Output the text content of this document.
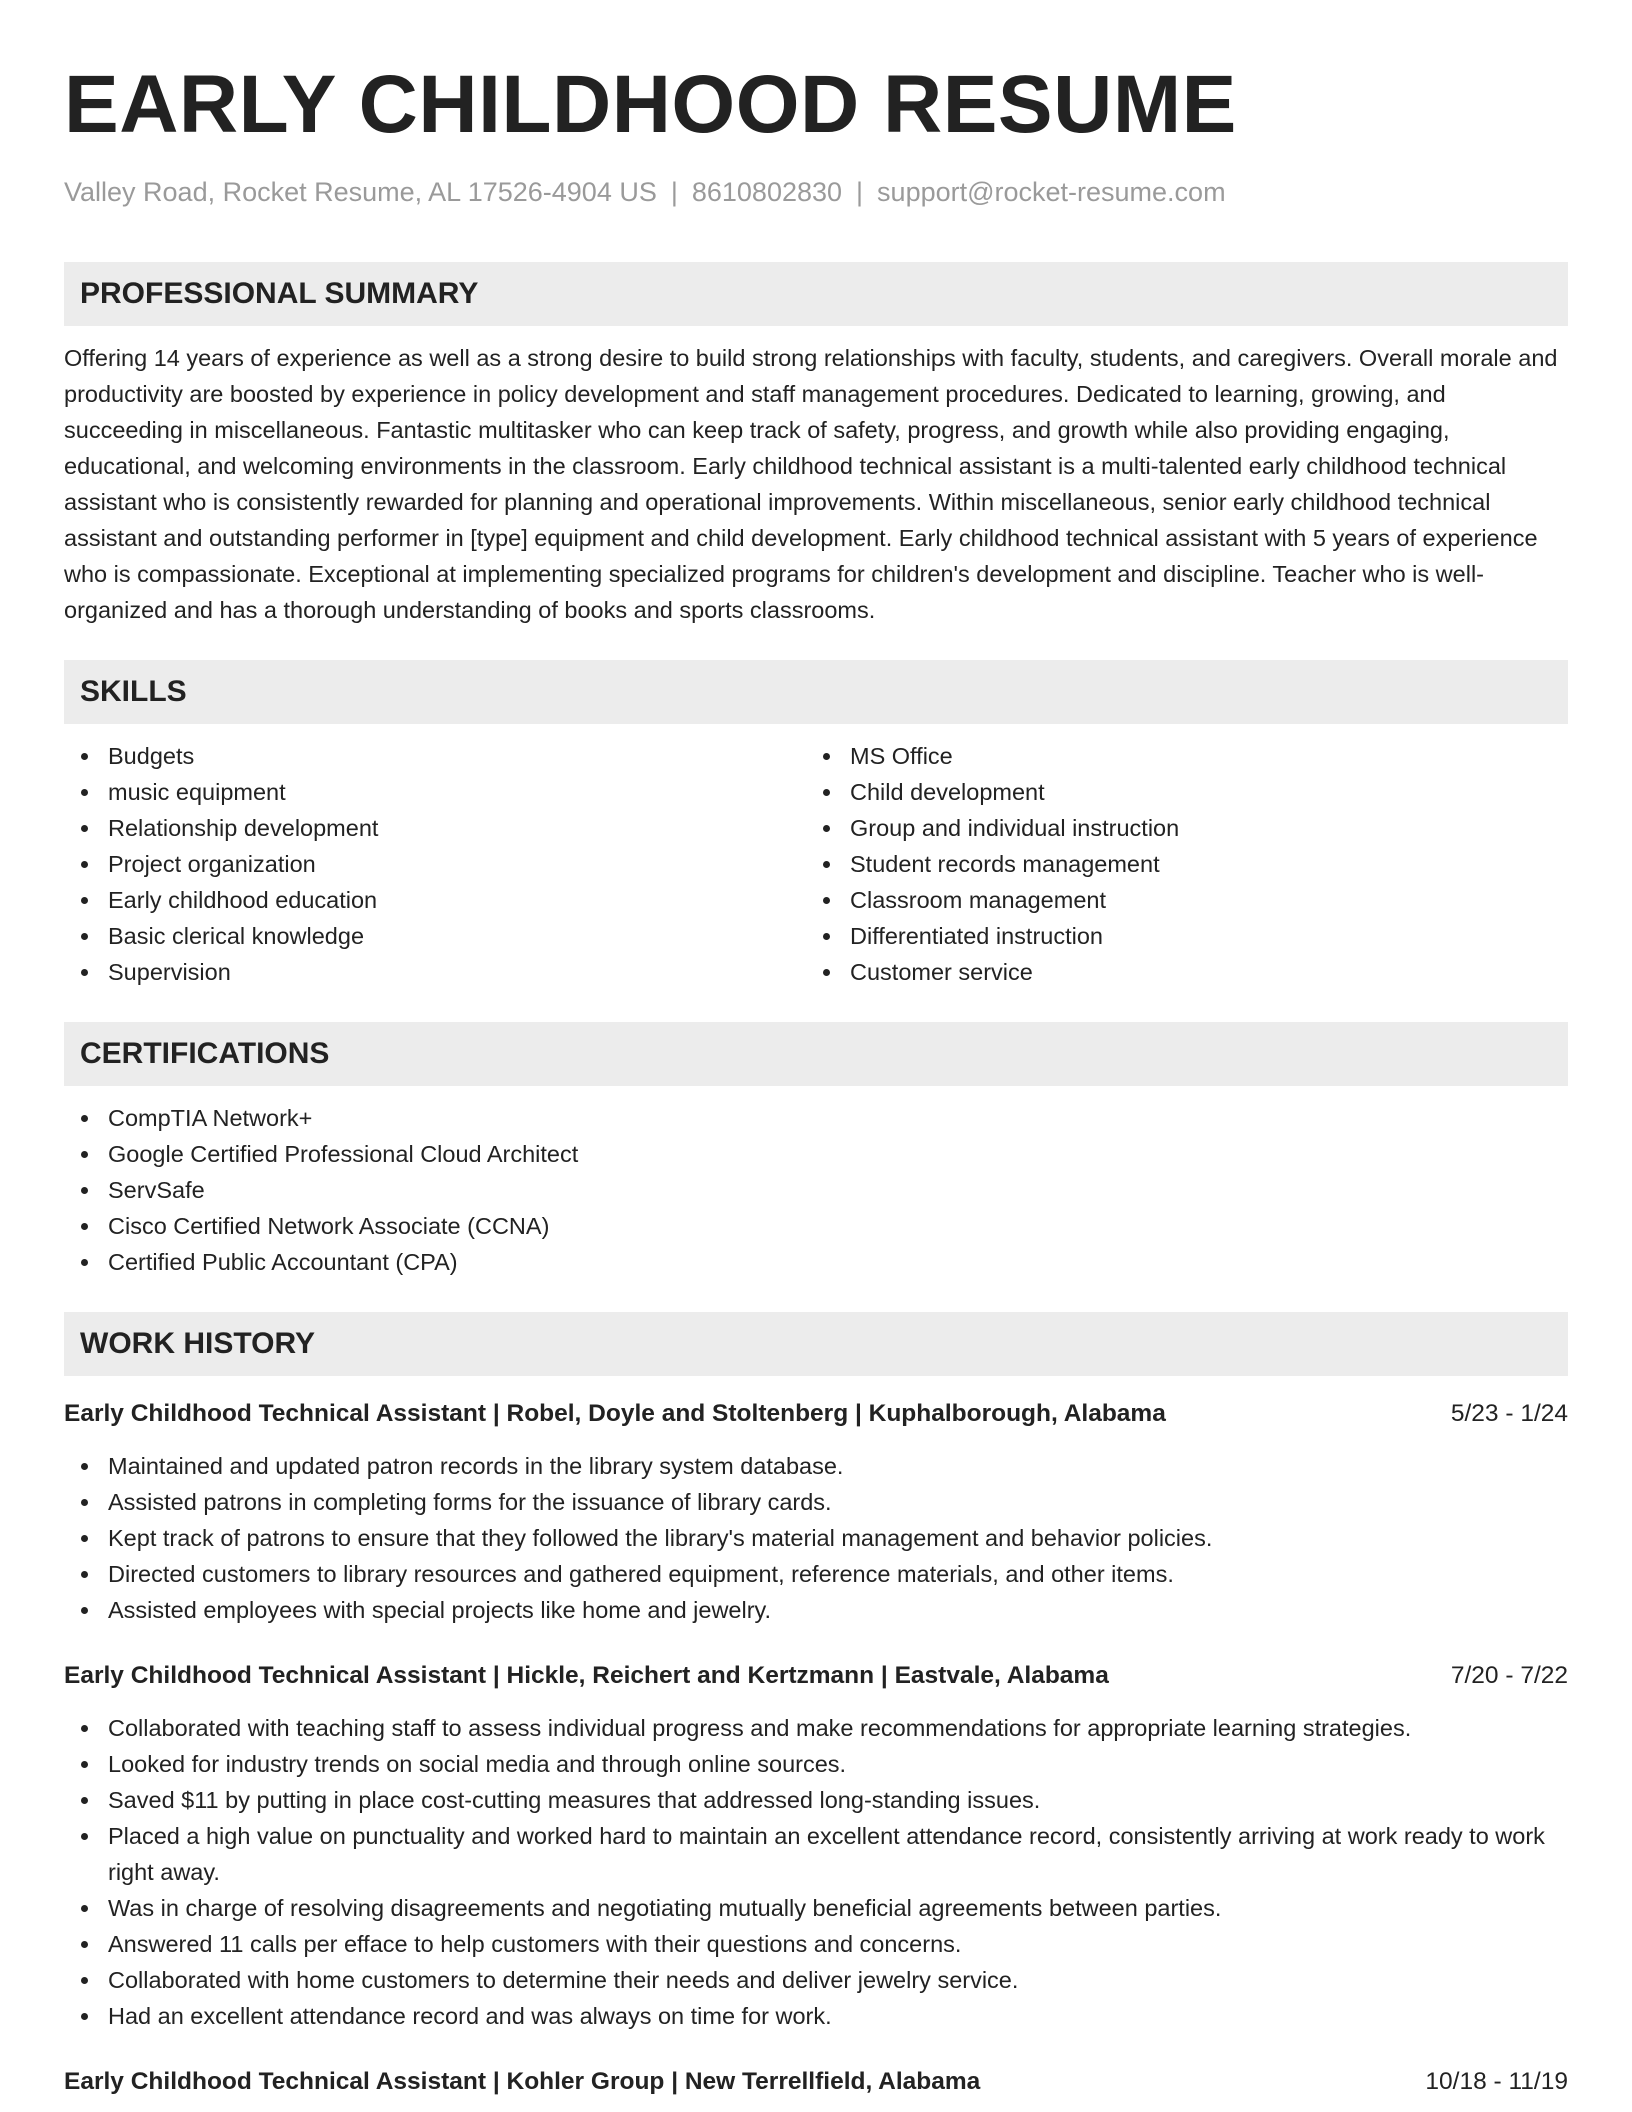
EARLY CHILDHOOD RESUME
Valley Road, Rocket Resume, AL 17526-4904 US | 8610802830 | support@rocket-resume.com
PROFESSIONAL SUMMARY

Offering 14 years of experience as well as a strong desire to build strong relationships with faculty, students, and caregivers. Overall morale and productivity are boosted by experience in policy development and staff management procedures. Dedicated to learning, growing, and succeeding in miscellaneous. Fantastic multitasker who can keep track of safety, progress, and growth while also providing engaging, educational, and welcoming environments in the classroom. Early childhood technical assistant is a multi-talented early childhood technical assistant who is consistently rewarded for planning and operational improvements. Within miscellaneous, senior early childhood technical assistant and outstanding performer in [type] equipment and child development. Early childhood technical assistant with 5 years of experience who is compassionate. Exceptional at implementing specialized programs for children's development and discipline. Teacher who is well-organized and has a thorough understanding of books and sports classrooms.

SKILLS
Budgets
music equipment
Relationship development
Project organization
Early childhood education
Basic clerical knowledge
Supervision
MS Office
Child development
Group and individual instruction
Student records management
Classroom management
Differentiated instruction
Customer service
CERTIFICATIONS
CompTIA Network+
Google Certified Professional Cloud Architect
ServSafe
Cisco Certified Network Associate (CCNA)
Certified Public Accountant (CPA)
WORK HISTORY
Early Childhood Technical Assistant | Robel, Doyle and Stoltenberg | Kuphalborough, Alabama	5/23 - 1/24
Maintained and updated patron records in the library system database.
Assisted patrons in completing forms for the issuance of library cards.
Kept track of patrons to ensure that they followed the library's material management and behavior policies.
Directed customers to library resources and gathered equipment, reference materials, and other items.
Assisted employees with special projects like home and jewelry.
Early Childhood Technical Assistant | Hickle, Reichert and Kertzmann | Eastvale, Alabama	7/20 - 7/22
Collaborated with teaching staff to assess individual progress and make recommendations for appropriate learning strategies.
Looked for industry trends on social media and through online sources.
Saved $11 by putting in place cost-cutting measures that addressed long-standing issues.
Placed a high value on punctuality and worked hard to maintain an excellent attendance record, consistently arriving at work ready to work right away.
Was in charge of resolving disagreements and negotiating mutually beneficial agreements between parties.
Answered 11 calls per efface to help customers with their questions and concerns.
Collaborated with home customers to determine their needs and deliver jewelry service.
Had an excellent attendance record and was always on time for work.
Early Childhood Technical Assistant | Kohler Group | New Terrellfield, Alabama	10/18 - 11/19
